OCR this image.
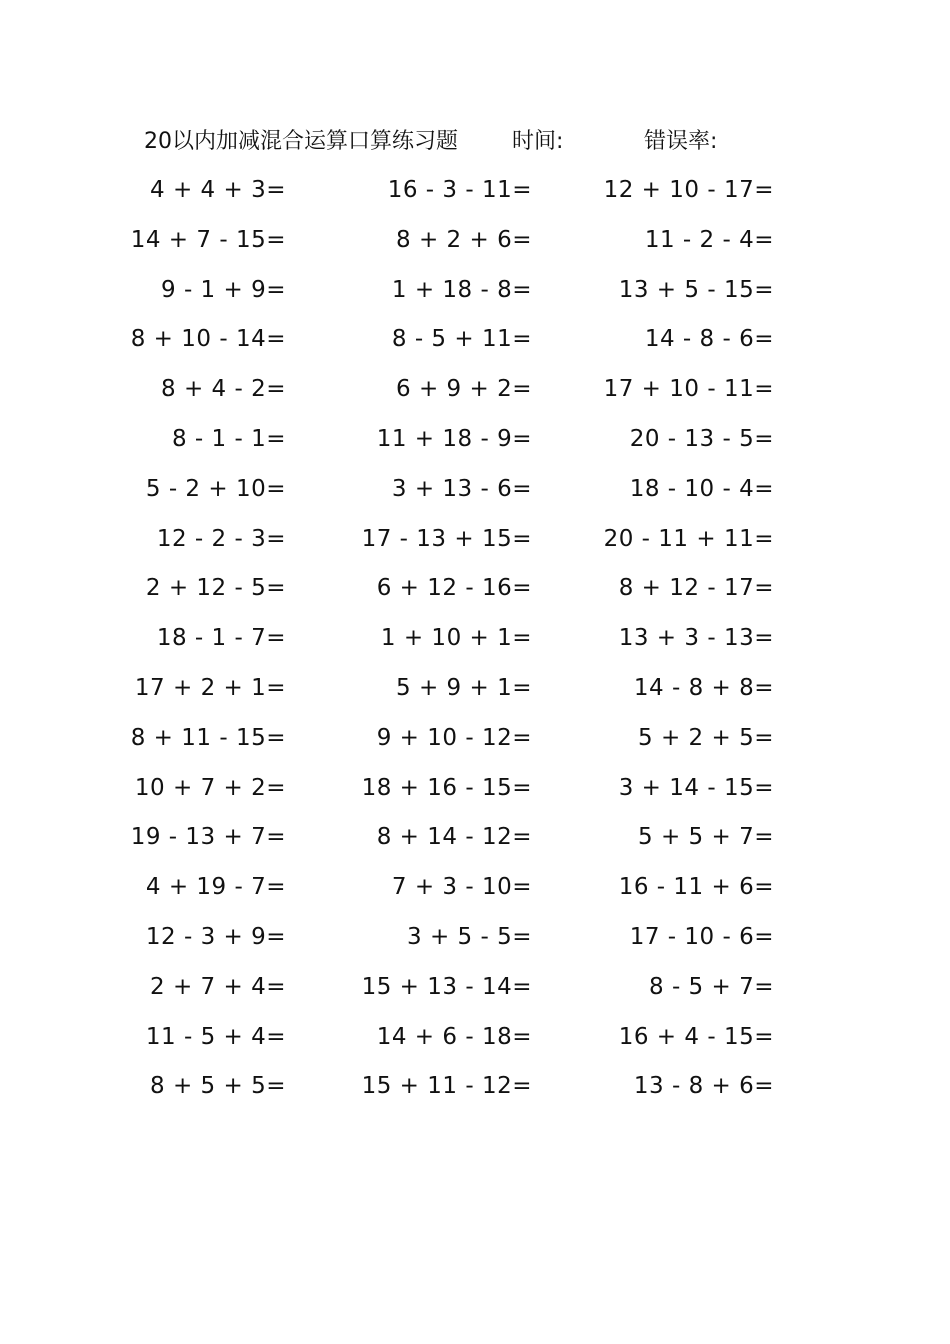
20以内加减混合运算口算练习题 时间:	错误率:
4 + 4 + 3=	16 - 3 - 11=	12 + 10 - 17=
14 + 7 - 15=	8 + 2 + 6=	11 - 2 - 4=
9 - 1 + 9=	1 + 18 - 8=	13 + 5 - 15=
8 + 10 - 14=	8 - 5 + 11=	14 - 8 - 6=
8 + 4 - 2=	6 + 9 + 2=	17 + 10 - 11=
8 - 1 - 1=	11 + 18 - 9=	20 - 13 - 5=
5 - 2 + 10=	3 + 13 - 6=	18 - 10 - 4=
12 - 2 - 3=	17 - 13 + 15=	20 - 11 + 11=
2 + 12 - 5=	6 + 12 - 16=	8 + 12 - 17=
18 - 1 - 7=	1 + 10 + 1=	13 + 3 - 13=
17 + 2 + 1=	5 + 9 + 1=	14 - 8 + 8=
8 + 11 - 15=	9 + 10 - 12=	5 + 2 + 5=
10 + 7 + 2=	18 + 16 - 15=	3 + 14 - 15=
19 - 13 + 7=	8 + 14 - 12=	5 + 5 + 7=
4 + 19 - 7=	7 + 3 - 10=	16 - 11 + 6=
12 - 3 + 9=	3 + 5 - 5=	17 - 10 - 6=
2 + 7 + 4=	15 + 13 - 14=	8 - 5 + 7=
11 - 5 + 4=	14 + 6 - 18=	16 + 4 - 15=
8 + 5 + 5=	15 + 11 - 12=	13 - 8 + 6=
